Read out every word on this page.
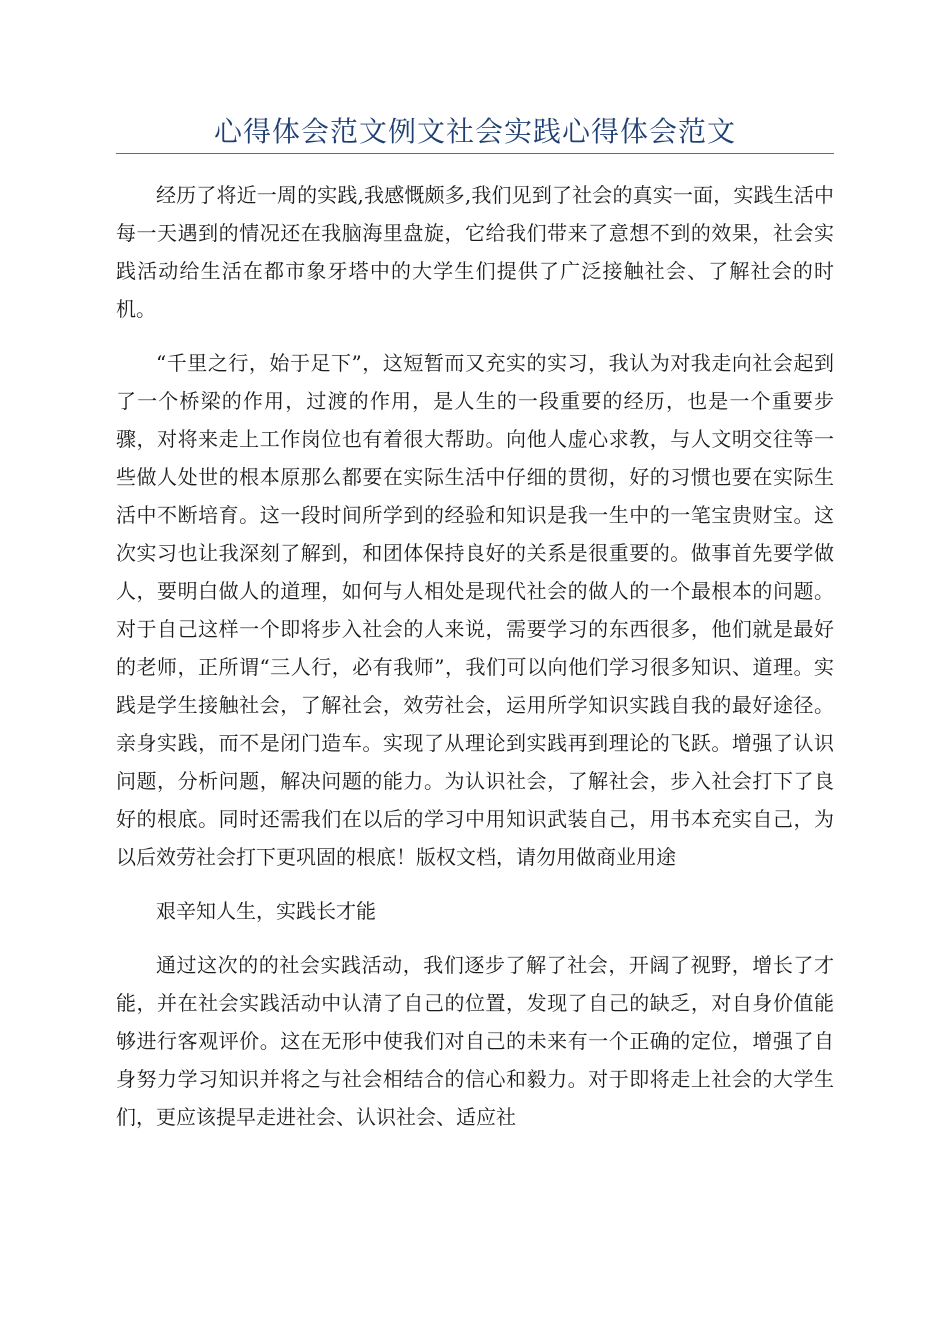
心得体会范文例文社会实践心得体会范文

经历了将近一周的实践,我感慨颇多,我们见到了社会的真实一面，实践生活中每一天遇到的情况还在我脑海里盘旋，它给我们带来了意想不到的效果，社会实践活动给生活在都市象牙塔中的大学生们提供了广泛接触社会、了解社会的时机。

“千里之行，始于足下”，这短暂而又充实的实习，我认为对我走向社会起到了一个桥梁的作用，过渡的作用，是人生的一段重要的经历，也是一个重要步骤，对将来走上工作岗位也有着很大帮助。向他人虚心求教，与人文明交往等一些做人处世的根本原那么都要在实际生活中仔细的贯彻，好的习惯也要在实际生活中不断培育。这一段时间所学到的经验和知识是我一生中的一笔宝贵财宝。这次实习也让我深刻了解到，和团体保持良好的关系是很重要的。做事首先要学做人，要明白做人的道理，如何与人相处是现代社会的做人的一个最根本的问题。对于自己这样一个即将步入社会的人来说，需要学习的东西很多，他们就是最好的老师，正所谓“三人行，必有我师”，我们可以向他们学习很多知识、道理。实践是学生接触社会，了解社会，效劳社会，运用所学知识实践自我的最好途径。亲身实践，而不是闭门造车。实现了从理论到实践再到理论的飞跃。增强了认识问题，分析问题，解决问题的能力。为认识社会，了解社会，步入社会打下了良好的根底。同时还需我们在以后的学习中用知识武装自己，用书本充实自己，为以后效劳社会打下更巩固的根底！版权文档，请勿用做商业用途

艰辛知人生，实践长才能

通过这次的的社会实践活动，我们逐步了解了社会，开阔了视野，增长了才能，并在社会实践活动中认清了自己的位置，发现了自己的缺乏，对自身价值能够进行客观评价。这在无形中使我们对自己的未来有一个正确的定位，增强了自身努力学习知识并将之与社会相结合的信心和毅力。对于即将走上社会的大学生们，更应该提早走进社会、认识社会、适应社
